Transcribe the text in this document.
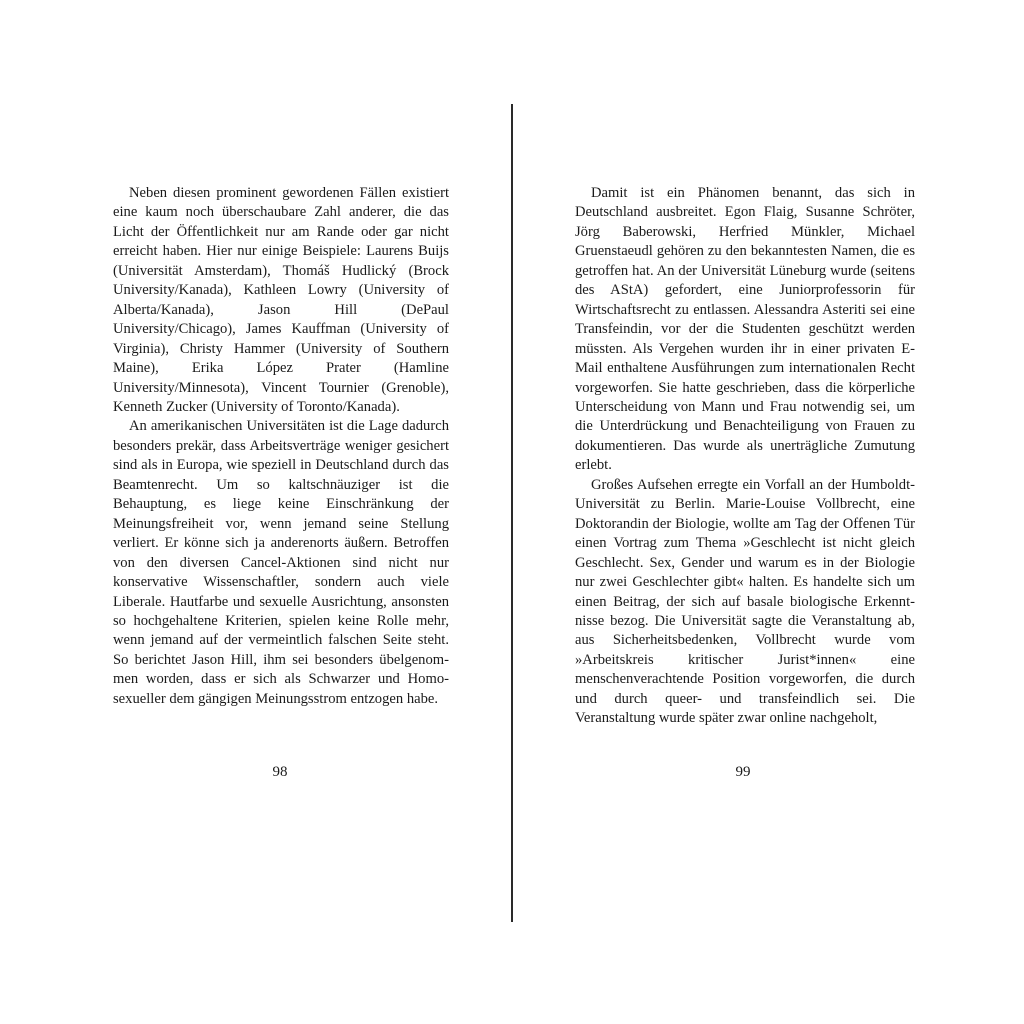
Neben diesen prominent gewordenen Fällen existiert eine kaum noch überschaubare Zahl anderer, die das Licht der Öffentlichkeit nur am Rande oder gar nicht erreicht haben. Hier nur einige Beispiele: Laurens Buijs (Universität Amsterdam), Thomáš Hudlický (Brock University/Kanada), Kathleen Lowry (University of Alberta/Kanada), Jason Hill (DePaul University/Chicago), James Kauffman (University of Virginia), Christy Hammer (University of Southern Maine), Erika López Prater (Hamline University/Minnesota), Vincent Tournier (Grenoble), Kenneth Zucker (University of Toronto/Kanada).

An amerikanischen Universitäten ist die Lage dadurch besonders prekär, dass Arbeitsverträge weniger gesichert sind als in Europa, wie speziell in Deutschland durch das Beamtenrecht. Um so kaltschnäuziger ist die Behauptung, es liege keine Einschränkung der Meinungsfreiheit vor, wenn jemand seine Stellung verliert. Er könne sich ja anderenorts äußern. Betroffen von den diversen Cancel-Aktionen sind nicht nur konservative Wissenschaftler, sondern auch viele Liberale. Hautfarbe und sexuelle Ausrichtung, ansonsten so hochgehaltene Kriterien, spielen keine Rolle mehr, wenn jemand auf der vermeintlich falschen Seite steht. So berichtet Jason Hill, ihm sei besonders übelgenommen worden, dass er sich als Schwarzer und Homosexueller dem gängigen Meinungsstrom entzogen habe.

98

Damit ist ein Phänomen benannt, das sich in Deutschland ausbreitet. Egon Flaig, Susanne Schröter, Jörg Baberowski, Herfried Münkler, Michael Gruenstaeudl gehören zu den bekanntesten Namen, die es getroffen hat. An der Universität Lüneburg wurde (seitens des AStA) gefordert, eine Juniorprofessorin für Wirtschaftsrecht zu entlassen. Alessandra Asteriti sei eine Transfeindin, vor der die Studenten geschützt werden müssten. Als Vergehen wurden ihr in einer privaten E-Mail enthaltene Ausführungen zum internationalen Recht vorgeworfen. Sie hatte geschrieben, dass die körperliche Unterscheidung von Mann und Frau notwendig sei, um die Unterdrückung und Benachteiligung von Frauen zu dokumentieren. Das wurde als unerträgliche Zumutung erlebt.

Großes Aufsehen erregte ein Vorfall an der Humboldt-Universität zu Berlin. Marie-Louise Vollbrecht, eine Doktorandin der Biologie, wollte am Tag der Offenen Tür einen Vortrag zum Thema »Geschlecht ist nicht gleich Geschlecht. Sex, Gender und warum es in der Biologie nur zwei Geschlechter gibt« halten. Es handelte sich um einen Beitrag, der sich auf basale biologische Erkenntnisse bezog. Die Universität sagte die Veranstaltung ab, aus Sicherheitsbedenken, Vollbrecht wurde vom »Arbeitskreis kritischer Jurist*innen« eine menschenverachtende Position vorgeworfen, die durch und durch queer- und transfeindlich sei. Die Veranstaltung wurde später zwar online nachgeholt,

99
